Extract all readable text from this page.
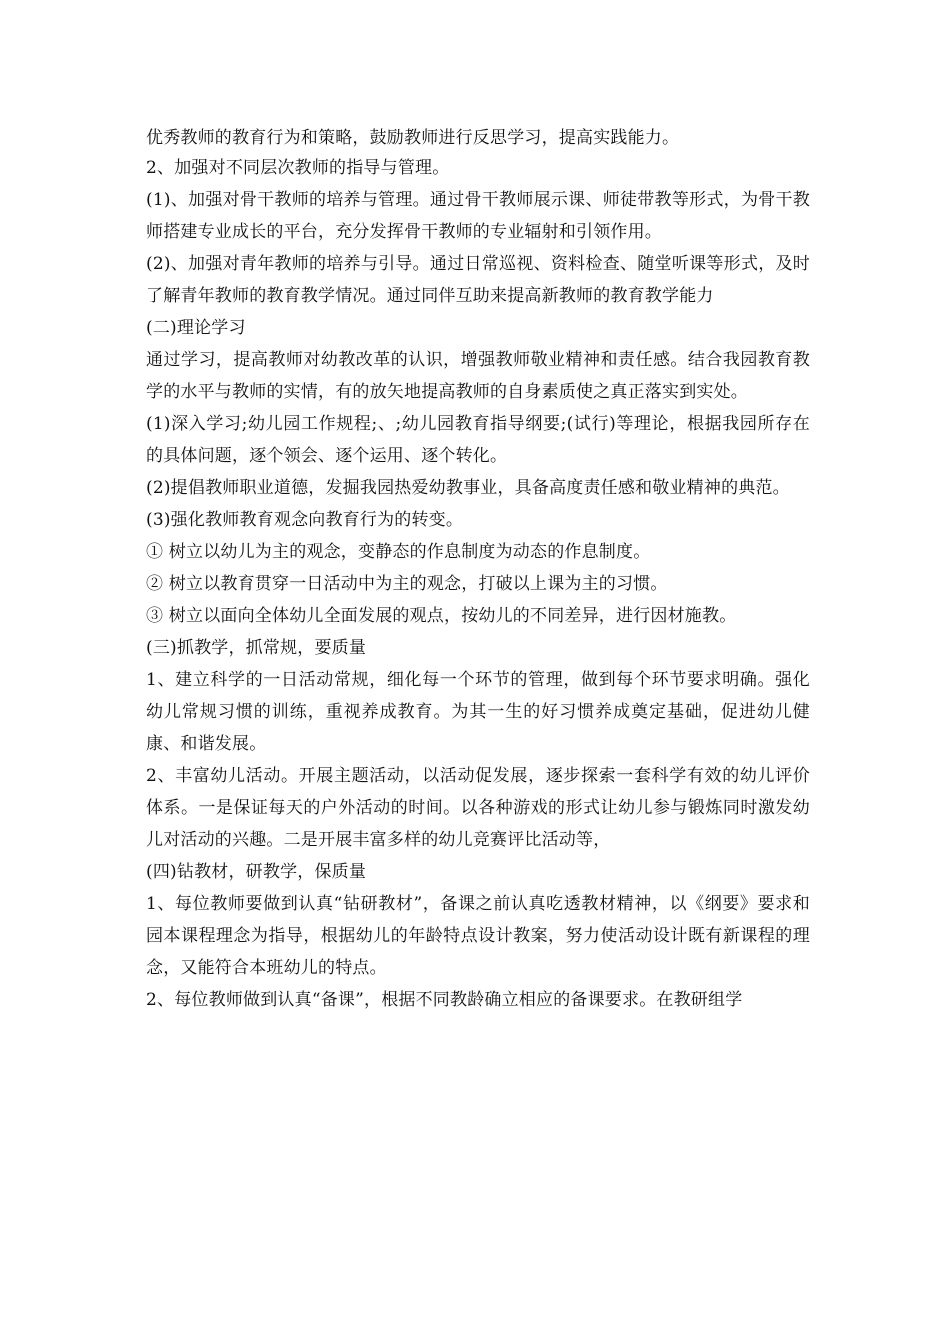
优秀教师的教育行为和策略，鼓励教师进行反思学习，提高实践能力。

2、加强对不同层次教师的指导与管理。

(1)、加强对骨干教师的培养与管理。通过骨干教师展示课、师徒带教等形式，为骨干教师搭建专业成长的平台，充分发挥骨干教师的专业辐射和引领作用。

(2)、加强对青年教师的培养与引导。通过日常巡视、资料检查、随堂听课等形式，及时了解青年教师的教育教学情况。通过同伴互助来提高新教师的教育教学能力

(二)理论学习

通过学习，提高教师对幼教改革的认识，增强教师敬业精神和责任感。结合我园教育教学的水平与教师的实情，有的放矢地提高教师的自身素质使之真正落实到实处。

(1)深入学习;幼儿园工作规程;、;幼儿园教育指导纲要;(试行)等理论，根据我园所存在的具体问题，逐个领会、逐个运用、逐个转化。

(2)提倡教师职业道德，发掘我园热爱幼教事业，具备高度责任感和敬业精神的典范。

(3)强化教师教育观念向教育行为的转变。

① 树立以幼儿为主的观念，变静态的作息制度为动态的作息制度。

② 树立以教育贯穿一日活动中为主的观念，打破以上课为主的习惯。

③ 树立以面向全体幼儿全面发展的观点，按幼儿的不同差异，进行因材施教。

(三)抓教学，抓常规，要质量

1、建立科学的一日活动常规，细化每一个环节的管理，做到每个环节要求明确。强化幼儿常规习惯的训练，重视养成教育。为其一生的好习惯养成奠定基础，促进幼儿健康、和谐发展。

2、丰富幼儿活动。开展主题活动，以活动促发展，逐步探索一套科学有效的幼儿评价体系。一是保证每天的户外活动的时间。以各种游戏的形式让幼儿参与锻炼同时激发幼儿对活动的兴趣。二是开展丰富多样的幼儿竞赛评比活动等，

(四)钻教材，研教学，保质量

1、每位教师要做到认真“钻研教材”，备课之前认真吃透教材精神，以《纲要》要求和园本课程理念为指导，根据幼儿的年龄特点设计教案，努力使活动设计既有新课程的理念，又能符合本班幼儿的特点。

2、每位教师做到认真“备课”，根据不同教龄确立相应的备课要求。在教研组学
